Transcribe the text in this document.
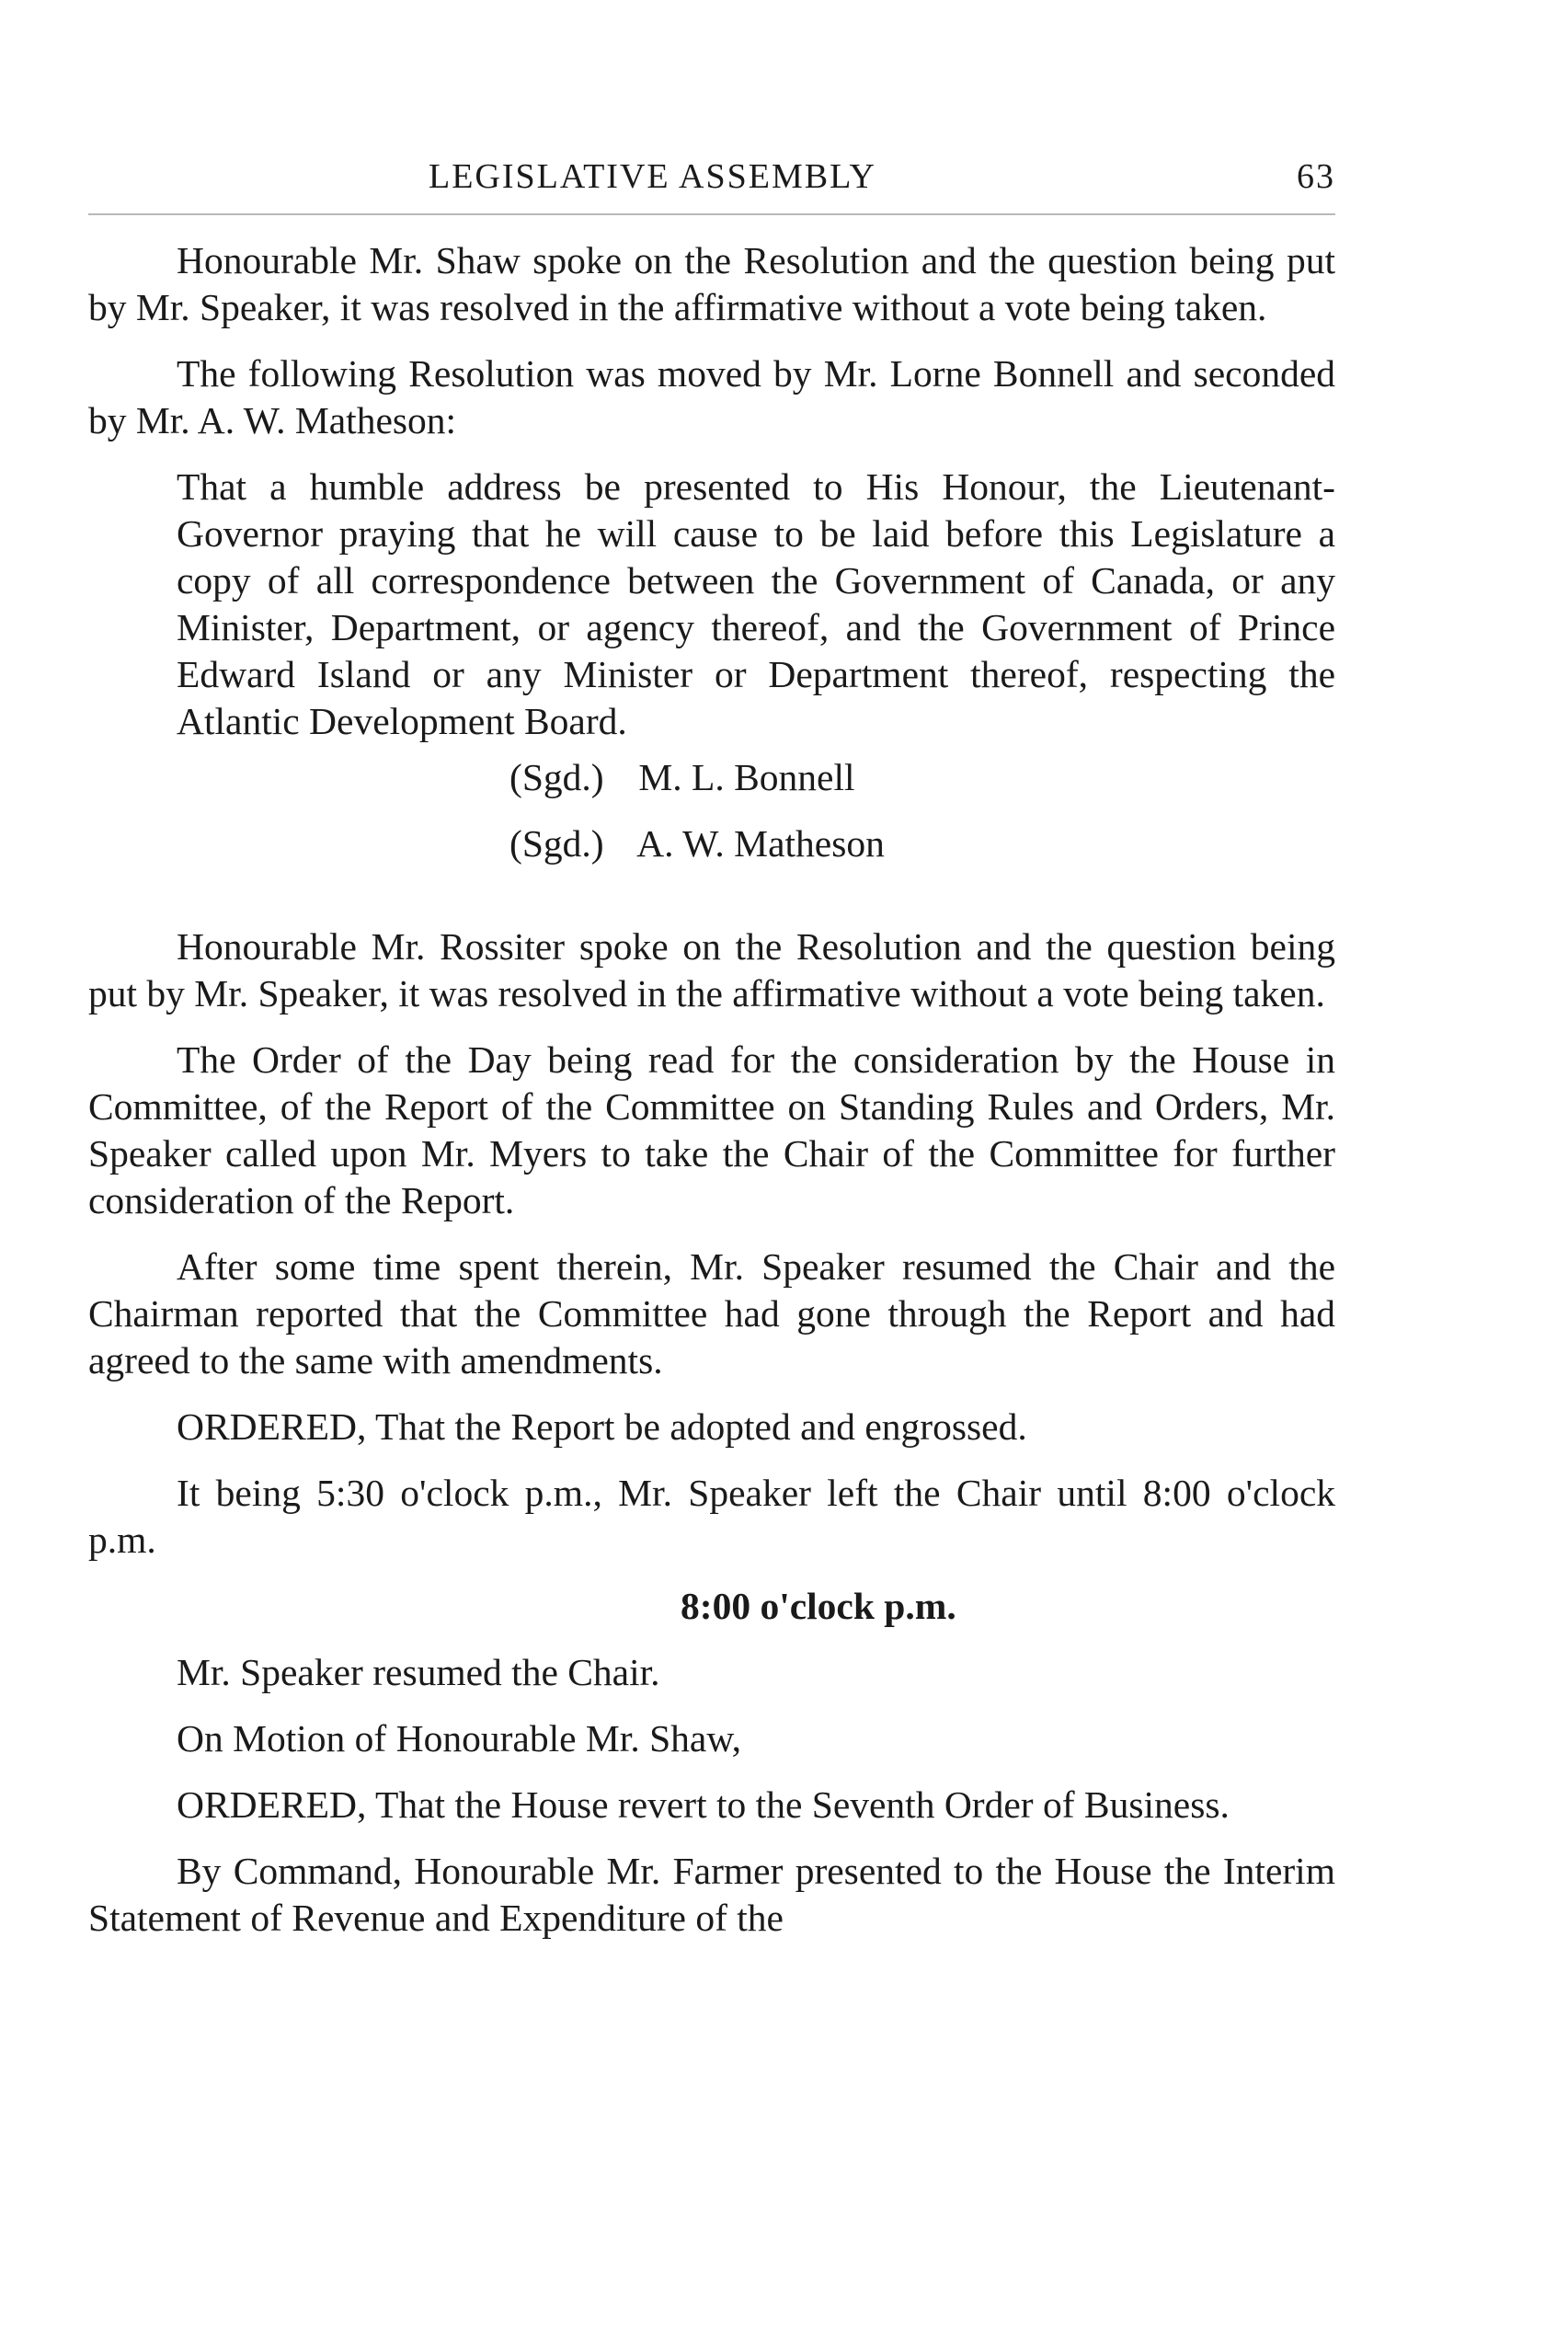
LEGISLATIVE ASSEMBLY	63

Honourable Mr. Shaw spoke on the Resolution and the question being put by Mr. Speaker, it was resolved in the affirmative without a vote being taken.

The following Resolution was moved by Mr. Lorne Bonnell and seconded by Mr. A. W. Matheson:

That a humble address be presented to His Honour, the Lieutenant-Governor praying that he will cause to be laid before this Legislature a copy of all correspondence between the Government of Canada, or any Minister, Department, or agency thereof, and the Government of Prince Edward Island or any Minister or Department thereof, respecting the Atlantic Development Board.

(Sgd.) M. L. Bonnell
(Sgd.) A. W. Matheson

Honourable Mr. Rossiter spoke on the Resolution and the question being put by Mr. Speaker, it was resolved in the affirmative without a vote being taken.

The Order of the Day being read for the consideration by the House in Committee, of the Report of the Committee on Standing Rules and Orders, Mr. Speaker called upon Mr. Myers to take the Chair of the Committee for further consideration of the Report.

After some time spent therein, Mr. Speaker resumed the Chair and the Chairman reported that the Committee had gone through the Report and had agreed to the same with amendments.

ORDERED, That the Report be adopted and engrossed.

It being 5:30 o'clock p.m., Mr. Speaker left the Chair until 8:00 o'clock p.m.

8:00 o'clock p.m.

Mr. Speaker resumed the Chair.

On Motion of Honourable Mr. Shaw,

ORDERED, That the House revert to the Seventh Order of Business.

By Command, Honourable Mr. Farmer presented to the House the Interim Statement of Revenue and Expenditure of the
